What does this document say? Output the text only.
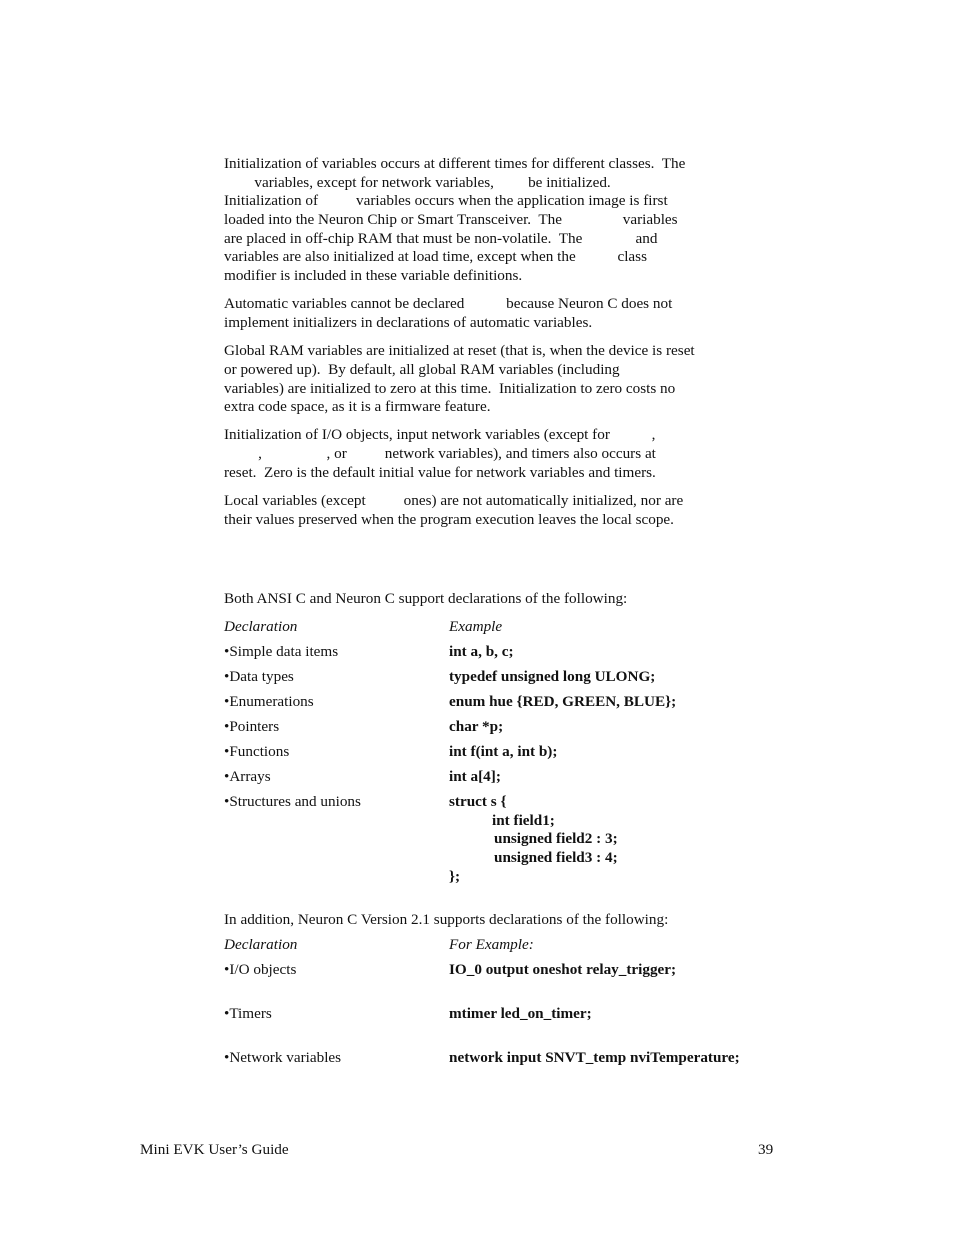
Initialization of variables occurs at different times for different classes.  The
variables, except for network variables,         be initialized.
Initialization of          variables occurs when the application image is first
loaded into the Neuron Chip or Smart Transceiver.  The                variables
are placed in off-chip RAM that must be non-volatile.  The              and
variables are also initialized at load time, except when the           class
modifier is included in these variable definitions.
Automatic variables cannot be declared           because Neuron C does not
implement initializers in declarations of automatic variables.
Global RAM variables are initialized at reset (that is, when the device is reset
or powered up).  By default, all global RAM variables (including
variables) are initialized to zero at this time.  Initialization to zero costs no
extra code space, as it is a firmware feature.
Initialization of I/O objects, input network variables (except for           ,
,                 , or          network variables), and timers also occurs at
reset.  Zero is the default initial value for network variables and timers.
Local variables (except          ones) are not automatically initialized, nor are
their values preserved when the program execution leaves the local scope.
Both ANSI C and Neuron C support declarations of the following:
Declaration	Example
•Simple data items	int a, b, c;
•Data types	typedef unsigned long ULONG;
•Enumerations	enum hue {RED, GREEN, BLUE};
•Pointers	char *p;
•Functions	int f(int a, int b);
•Arrays	int a[4];
•Structures and unions	struct s {
int field1;
unsigned field2 : 3;
unsigned field3 : 4;
};
In addition, Neuron C Version 2.1 supports declarations of the following:
Declaration	For Example:
•I/O objects	IO_0 output oneshot relay_trigger;
•Timers	mtimer led_on_timer;
•Network variables	network input SNVT_temp nviTemperature;
Mini EVK User’s Guide	39
